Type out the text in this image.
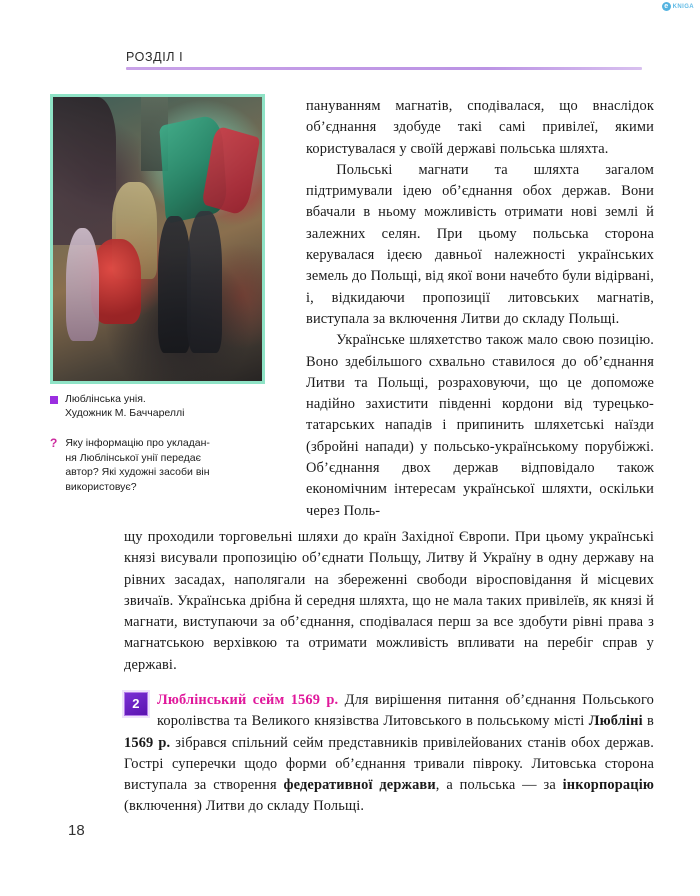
e KNIGA
РОЗДІЛ I
Люблінська унія.
Художник М. Баччареллі
? Яку інформацію про укладан-
ня Люблінської унії передає
автор? Які художні засоби він
використовує?

пануванням магнатів, сподівалася, що внаслідок об’єднання здобуде такі самі привілеї, якими користувалася у своїй державі польська шляхта.

Польські магнати та шляхта загалом підтримували ідею об’єднання обох держав. Вони вбачали в ньому можливість отримати нові землі й залежних селян. При цьому польська сторона керувалася ідеєю давньої належності українських земель до Польщі, від якої вони начебто були відірвані, і, відкидаючи пропозиції литовських магнатів, виступала за включення Литви до складу Польщі.

Українське шляхетство також мало свою позицію. Воно здебільшого схвально ставилося до об’єднання Литви та Польщі, розраховуючи, що це допоможе надійно захистити південні кордони від турецько-татарських нападів і припинить шляхетські наїзди (збройні напади) у польсько-українському порубіжжі. Об’єднання двох держав відповідало також економічним інтересам української шляхти, оскільки через Поль-

щу проходили торговельні шляхи до країн Західної Європи. При цьому українські князі висували пропозицію об’єднати Польщу, Литву й Україну в одну державу на рівних засадах, наполягали на збереженні свободи віросповідання й місцевих звичаїв. Українська дрібна й середня шляхта, що не мала таких привілеїв, як князі й магнати, виступаючи за об’єднання, сподівалася перш за все здобути рівні права з магнатською верхівкою та отримати можливість впливати на перебіг справ у державі.

2	Люблінський сейм 1569 р. Для вирішення питання об’єднання Польського королівства та Великого князівства Литовського в польському місті Любліні в 1569 р. зібрався спільний сейм представників привілейованих станів обох держав. Гострі суперечки щодо форми об’єднання тривали півроку. Литовська сторона виступала за створення федеративної держави, а польська — за інкорпорацію (включення) Литви до складу Польщі.
18
